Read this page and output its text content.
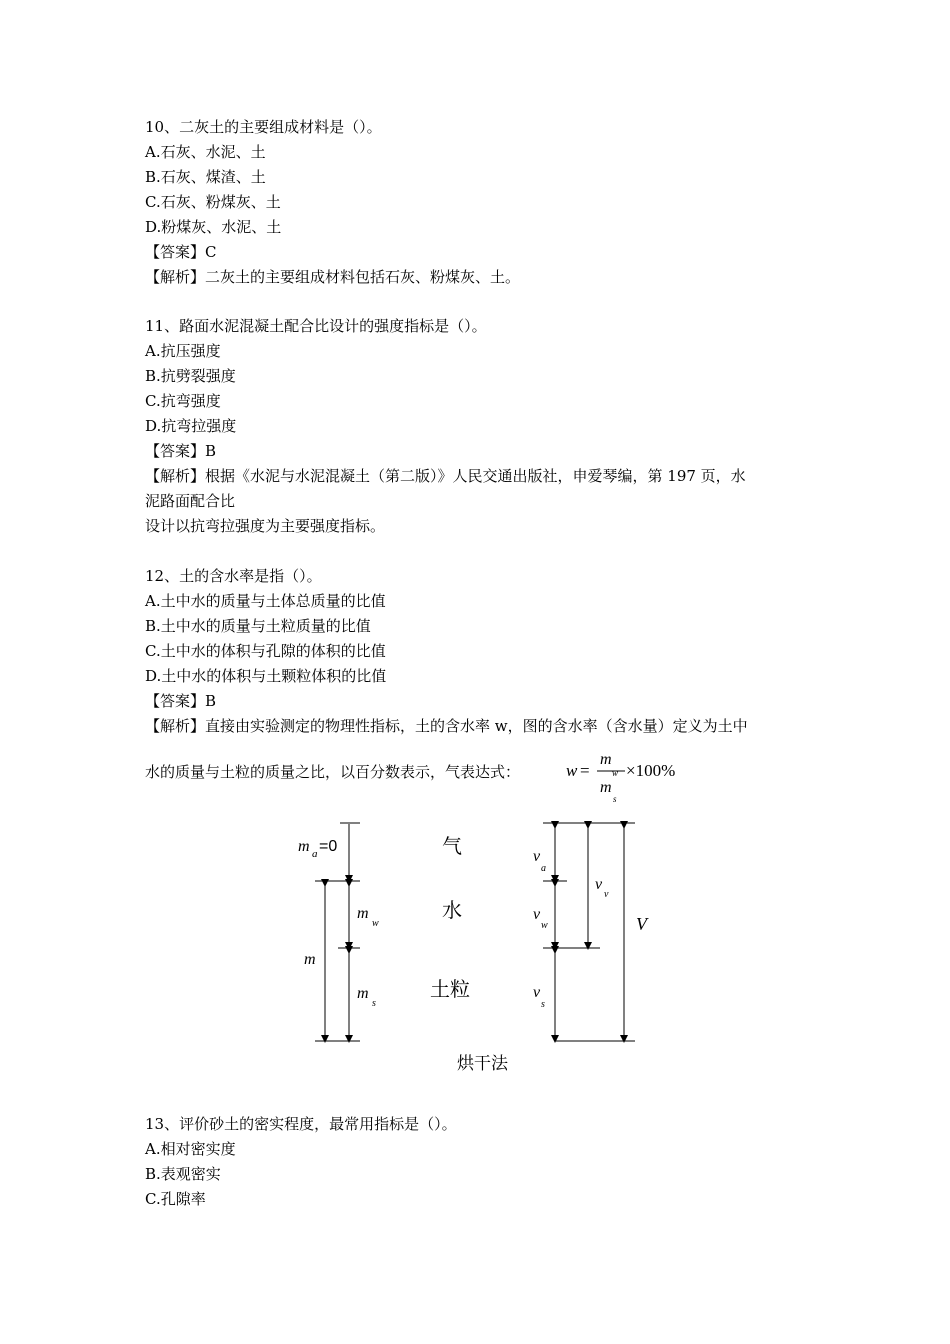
10、二灰土的主要组成材料是（）。
A.石灰、水泥、土
B.石灰、煤渣、土
C.石灰、粉煤灰、土
D.粉煤灰、水泥、土
【答案】C
【解析】二灰土的主要组成材料包括石灰、粉煤灰、土。
11、路面水泥混凝土配合比设计的强度指标是（）。
A.抗压强度
B.抗劈裂强度
C.抗弯强度
D.抗弯拉强度
【答案】B
【解析】根据《水泥与水泥混凝土（第二版）》人民交通出版社，申爱琴编，第 197 页，水
泥路面配合比
设计以抗弯拉强度为主要强度指标。
12、土的含水率是指（）。
A.土中水的质量与土体总质量的比值
B.土中水的质量与土粒质量的比值
C.土中水的体积与孔隙的体积的比值
D.土中水的体积与土颗粒体积的比值
【答案】B
【解析】直接由实验测定的物理性指标，土的含水率 w，图的含水率（含水量）定义为土中
水的质量与土粒的质量之比，以百分数表示，气表达式：	w =
m
w
m
s
×100%
m a =0
m
w
m
m
s
气
水
土粒
v
a
v
v
v
w	V
v
s
烘干法
13、评价砂土的密实程度，最常用指标是（）。
A.相对密实度
B.表观密实
C.孔隙率
